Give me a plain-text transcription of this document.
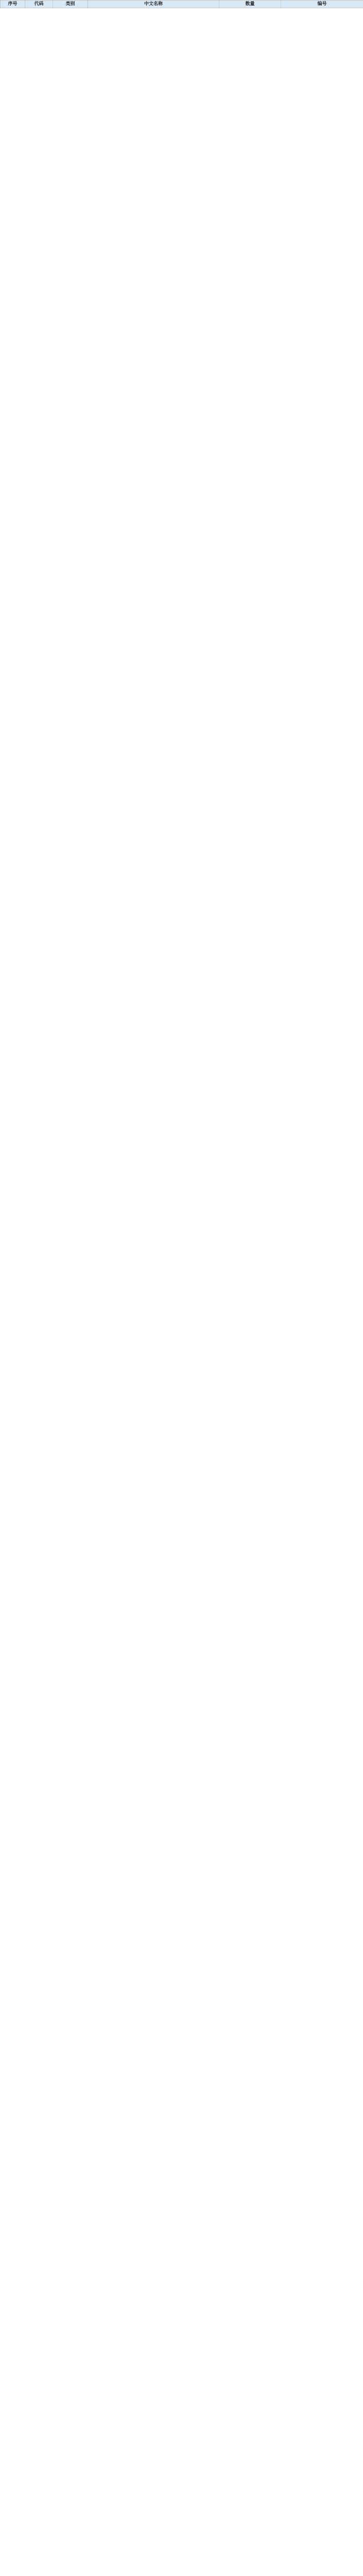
序号	代码	类别	中文名称	数量	编号
